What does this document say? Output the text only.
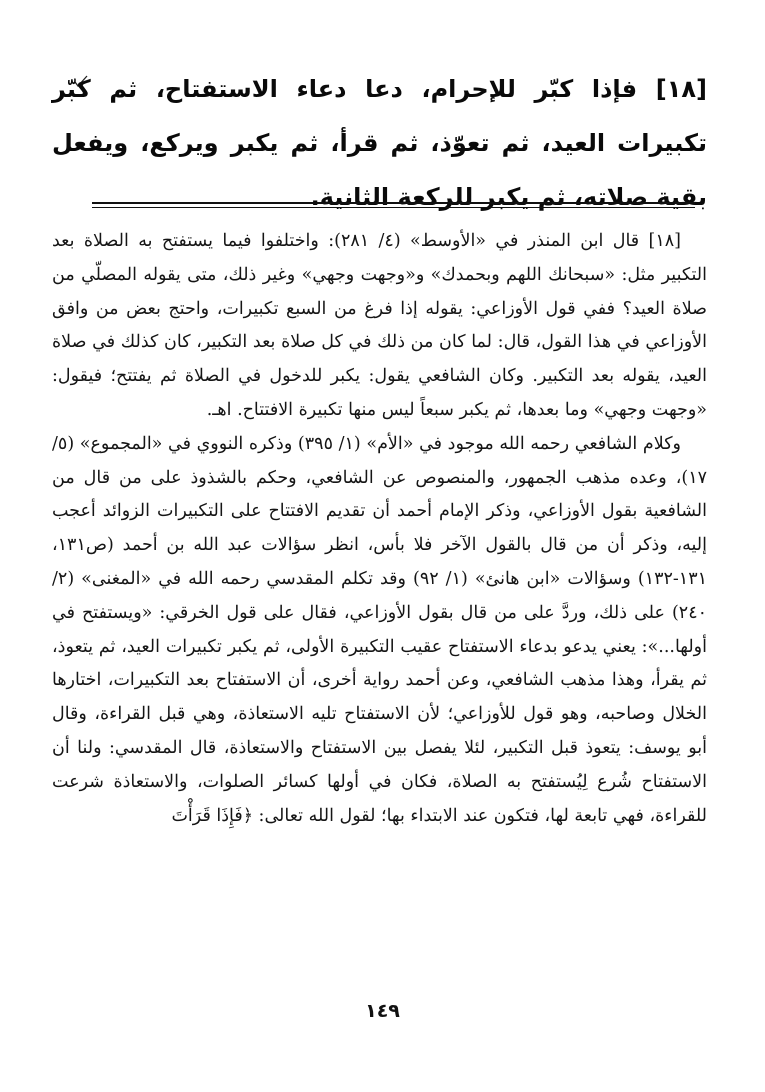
[١٨] فإذا كبّر للإحرام، دعا دعاء الاستفتاح، ثم كبّر تكبيرات العيد، ثم تعوّذ، ثم قرأ، ثم يكبر ويركع، ويفعل بقية صلاته، ثم يكبر للركعة الثانية.

[١٨] قال ابن المنذر في «الأوسط» (٤/ ٢٨١): واختلفوا فيما يستفتح به الصلاة بعد التكبير مثل: «سبحانك اللهم وبحمدك» و«وجهت وجهي» وغير ذلك، متى يقوله المصلّي من صلاة العيد؟ ففي قول الأوزاعي: يقوله إذا فرغ من السبع تكبيرات، واحتج بعض من وافق الأوزاعي في هذا القول، قال: لما كان من ذلك في كل صلاة بعد التكبير، كان كذلك في صلاة العيد، يقوله بعد التكبير. وكان الشافعي يقول: يكبر للدخول في الصلاة ثم يفتتح؛ فيقول: «وجهت وجهي» وما بعدها، ثم يكبر سبعاً ليس منها تكبيرة الافتتاح. اهـ.

وكلام الشافعي رحمه الله موجود في «الأم» (١/ ٣٩٥) وذكره النووي في «المجموع» (٥/ ١٧)، وعده مذهب الجمهور، والمنصوص عن الشافعي، وحكم بالشذوذ على من قال من الشافعية بقول الأوزاعي، وذكر الإمام أحمد أن تقديم الافتتاح على التكبيرات الزوائد أعجب إليه، وذكر أن من قال بالقول الآخر فلا بأس، انظر سؤالات عبد الله بن أحمد (ص١٣١، ١٣١-١٣٢) وسؤالات «ابن هانئ» (١/ ٩٢) وقد تكلم المقدسي رحمه الله في «المغنى» (٢/ ٢٤٠) على ذلك، وردَّ على من قال بقول الأوزاعي، فقال على قول الخرقي: «ويستفتح في أولها...»: يعني يدعو بدعاء الاستفتاح عقيب التكبيرة الأولى، ثم يكبر تكبيرات العيد، ثم يتعوذ، ثم يقرأ، وهذا مذهب الشافعي، وعن أحمد رواية أخرى، أن الاستفتاح بعد التكبيرات، اختارها الخلال وصاحبه، وهو قول للأوزاعي؛ لأن الاستفتاح تليه الاستعاذة، وهي قبل القراءة، وقال أبو يوسف: يتعوذ قبل التكبير، لئلا يفصل بين الاستفتاح والاستعاذة، قال المقدسي: ولنا أن الاستفتاح شُرع لِيُستفتح به الصلاة، فكان في أولها كسائر الصلوات، والاستعاذة شرعت للقراءة، فهي تابعة لها، فتكون عند الابتداء بها؛ لقول الله تعالى: ﴿فَإِذَا قَرَأْتَ

١٤٩
